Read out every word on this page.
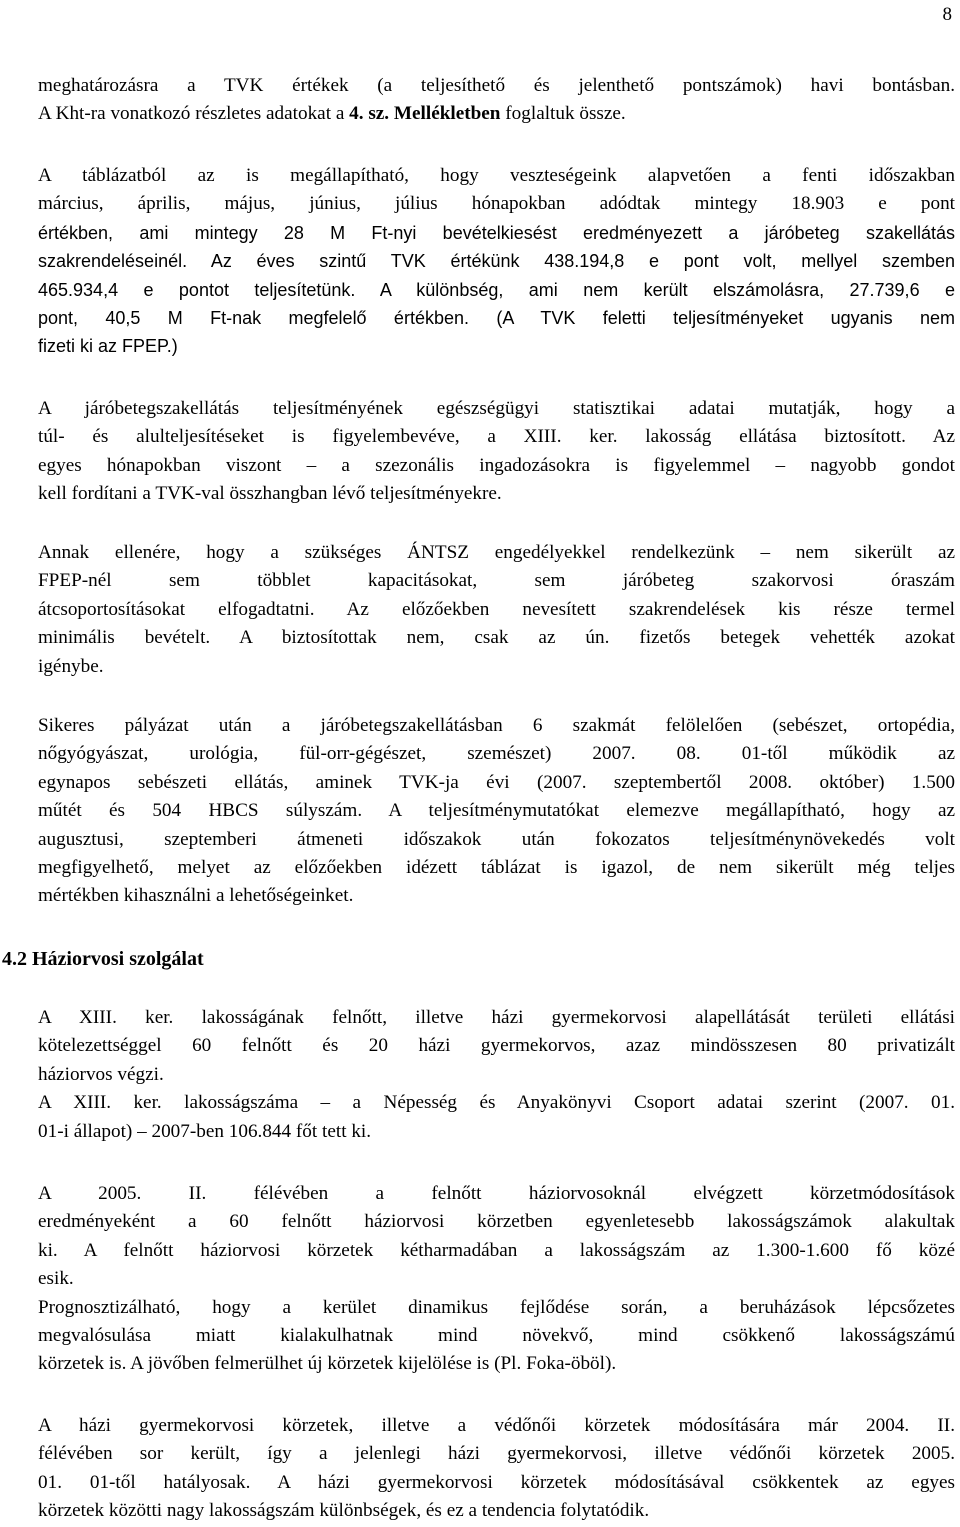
8
meghatározásra a TVK értékek (a teljesíthető és jelenthető pontszámok) havi bontásban.
A Kht-ra vonatkozó részletes adatokat a 4. sz. Mellékletben foglaltuk össze.
A táblázatból az is megállapítható, hogy veszteségeink alapvetően a fenti időszakban
március, április, május, június, július hónapokban adódtak mintegy 18.903 e pont
értékben, ami mintegy 28 M Ft-nyi bevételkiesést eredményezett a járóbeteg szakellátás
szakrendeléseinél. Az éves szintű TVK értékünk 438.194,8 e pont volt, mellyel szemben
465.934,4 e pontot teljesítetünk. A különbség, ami nem került elszámolásra, 27.739,6 e
pont, 40,5 M Ft-nak megfelelő értékben. (A TVK feletti teljesítményeket ugyanis nem
fizeti ki az FPEP.)
A járóbetegszakellátás teljesítményének egészségügyi statisztikai adatai mutatják, hogy a
túl- és alulteljesítéseket is figyelembevéve, a XIII. ker. lakosság ellátása biztosított. Az
egyes hónapokban viszont – a szezonális ingadozásokra is figyelemmel – nagyobb gondot
kell fordítani a TVK-val összhangban lévő teljesítményekre.
Annak ellenére, hogy a szükséges ÁNTSZ engedélyekkel rendelkezünk – nem sikerült az
FPEP-nél sem többlet kapacitásokat, sem járóbeteg szakorvosi óraszám
átcsoportosításokat elfogadtatni. Az előzőekben nevesített szakrendelések kis része termel
minimális bevételt. A biztosítottak nem, csak az ún. fizetős betegek vehették azokat
igénybe.
Sikeres pályázat után a járóbetegszakellátásban 6 szakmát felölelően (sebészet, ortopédia,
nőgyógyászat, urológia, fül-orr-gégészet, szemészet) 2007. 08. 01-től működik az
egynapos sebészeti ellátás, aminek TVK-ja évi (2007. szeptembertől 2008. október) 1.500
műtét és 504 HBCS súlyszám. A teljesítménymutatókat elemezve megállapítható, hogy az
augusztusi, szeptemberi átmeneti időszakok után fokozatos teljesítménynövekedés volt
megfigyelhető, melyet az előzőekben idézett táblázat is igazol, de nem sikerült még teljes
mértékben kihasználni a lehetőségeinket.
4.2 Háziorvosi szolgálat
A XIII. ker. lakosságának felnőtt, illetve házi gyermekorvosi alapellátását területi ellátási
kötelezettséggel 60 felnőtt és 20 házi gyermekorvos, azaz mindösszesen 80 privatizált
háziorvos végzi.
A XIII. ker. lakosságszáma – a Népesség és Anyakönyvi Csoport adatai szerint (2007. 01.
01-i állapot) – 2007-ben 106.844 főt tett ki.
A 2005. II. félévében a felnőtt háziorvosoknál elvégzett körzetmódosítások
eredményeként a 60 felnőtt háziorvosi körzetben egyenletesebb lakosságszámok alakultak
ki. A felnőtt háziorvosi körzetek kétharmadában a lakosságszám az 1.300-1.600 fő közé
esik.
Prognosztizálható, hogy a kerület dinamikus fejlődése során, a beruházások lépcsőzetes
megvalósulása miatt kialakulhatnak mind növekvő, mind csökkenő lakosságszámú
körzetek is. A jövőben felmerülhet új körzetek kijelölése is (Pl. Foka-öböl).
A házi gyermekorvosi körzetek, illetve a védőnői körzetek módosítására már 2004. II.
félévében sor került, így a jelenlegi házi gyermekorvosi, illetve védőnői körzetek 2005.
01. 01-től hatályosak. A házi gyermekorvosi körzetek módosításával csökkentek az egyes
körzetek közötti nagy lakosságszám különbségek, és ez a tendencia folytatódik.
